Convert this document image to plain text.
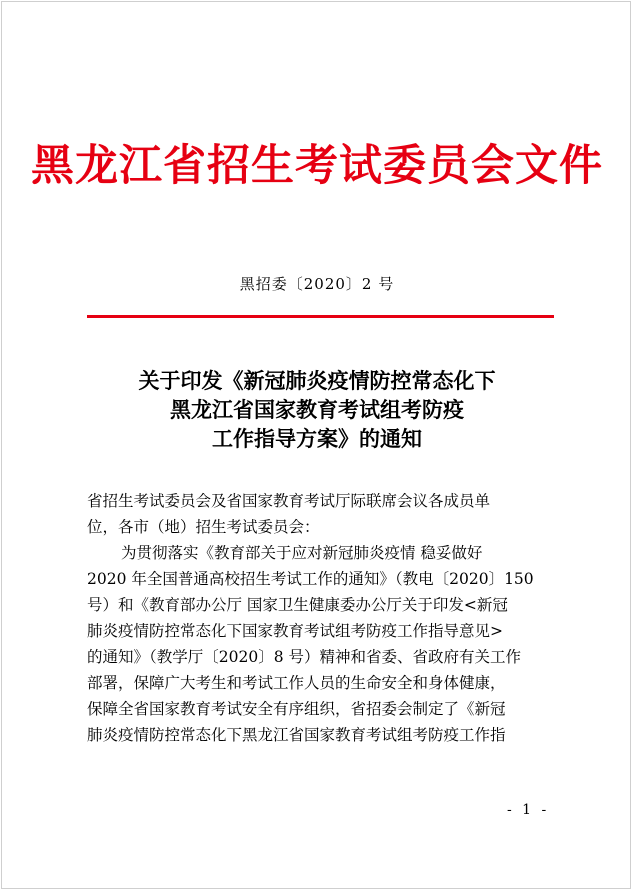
黑龙江省招生考试委员会文件
黑招委〔2020〕2 号
关于印发《新冠肺炎疫情防控常态化下
黑龙江省国家教育考试组考防疫
工作指导方案》的通知
省招生考试委员会及省国家教育考试厅际联席会议各成员单
位，各市（地）招生考试委员会：
为贯彻落实《教育部关于应对新冠肺炎疫情 稳妥做好
2020 年全国普通高校招生考试工作的通知》（教电〔2020〕150
号）和《教育部办公厅 国家卫生健康委办公厅关于印发<新冠
肺炎疫情防控常态化下国家教育考试组考防疫工作指导意见>
的通知》（教学厅〔2020〕8 号）精神和省委、省政府有关工作
部署，保障广大考生和考试工作人员的生命安全和身体健康，
保障全省国家教育考试安全有序组织，省招委会制定了《新冠
肺炎疫情防控常态化下黑龙江省国家教育考试组考防疫工作指
- 1 -
